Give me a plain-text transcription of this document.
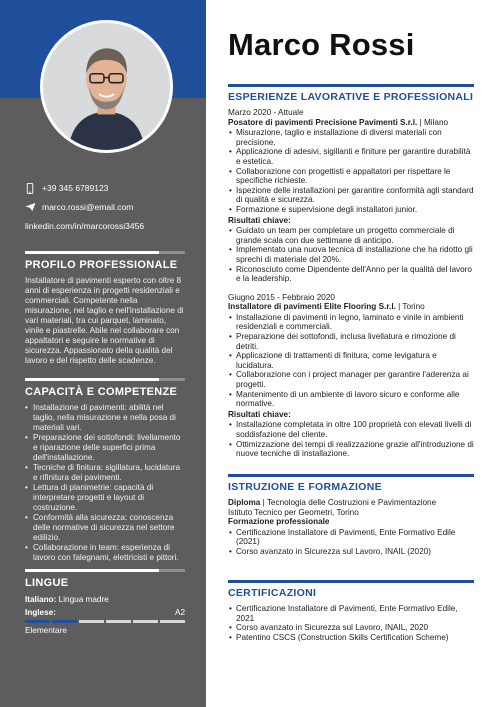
+39 345 6789123
marco.rossi@email.com
linkedin.com/in/marcorossi3456
PROFILO PROFESSIONALE
Installatore di pavimenti esperto con oltre 8 anni di esperienza in progetti residenziali e commerciali. Competente nella misurazione, nel taglio e nell'installazione di vari materiali, tra cui parquet, laminato, vinile e piastrelle. Abile nel collaborare con appaltatori e seguire le normative di sicurezza. Appassionato della qualità del lavoro e del rispetto delle scadenze.
CAPACITÀ E COMPETENZE
• Installazione di pavimenti: abilità nel taglio, nella misurazione e nella posa di materiali vari.
• Preparazione dei sottofondi: livellamento e riparazione delle superfici prima dell'installazione.
• Tecniche di finitura: sigillatura, lucidatura e rifinitura dei pavimenti.
• Lettura di planimetrie: capacità di interpretare progetti e layout di costruzione.
• Conformità alla sicurezza: conoscenza delle normative di sicurezza nel settore edilizio.
• Collaborazione in team: esperienza di lavoro con falegnami, elettricisti e pittori.
LINGUE
Italiano: Lingua madre
Inglese:	A2
Elementare
Marco Rossi
ESPERIENZE LAVORATIVE E PROFESSIONALI
Marzo 2020 - Attuale
Posatore di pavimenti Precisione Pavimenti S.r.l. | Milano
• Misurazione, taglio e installazione di diversi materiali con precisione.
• Applicazione di adesivi, sigillanti e finiture per garantire durabilità e estetica.
• Collaborazione con progettisti e appaltatori per rispettare le specifiche richieste.
• Ispezione delle installazioni per garantire conformità agli standard di qualità e sicurezza.
• Formazione e supervisione degli installatori junior.
Risultati chiave:
• Guidato un team per completare un progetto commerciale di grande scala con due settimane di anticipo.
• Implementato una nuova tecnica di installazione che ha ridotto gli sprechi di materiale del 20%.
• Riconosciuto come Dipendente dell'Anno per la qualità del lavoro e la leadership.
Giugno 2015 - Febbraio 2020
Installatore di pavimenti Elite Flooring S.r.l. | Torino
• Installazione di pavimenti in legno, laminato e vinile in ambienti residenziali e commerciali.
• Preparazione dei sottofondi, inclusa livellatura e rimozione di detriti.
• Applicazione di trattamenti di finitura, come levigatura e lucidatura.
• Collaborazione con i project manager per garantire l'aderenza ai progetti.
• Mantenimento di un ambiente di lavoro sicuro e conforme alle normative.
Risultati chiave:
• Installazione completata in oltre 100 proprietà con elevati livelli di soddisfazione del cliente.
• Ottimizzazione dei tempi di realizzazione grazie all'introduzione di nuove tecniche di installazione.
ISTRUZIONE E FORMAZIONE
Diploma | Tecnologia delle Costruzioni e Pavimentazione
Istituto Tecnico per Geometri, Torino
Formazione professionale
• Certificazione Installatore di Pavimenti, Ente Formativo Edile (2021)
• Corso avanzato in Sicurezza sul Lavoro, INAIL (2020)
CERTIFICAZIONI
• Certificazione Installatore di Pavimenti, Ente Formativo Edile, 2021
• Corso avanzato in Sicurezza sul Lavoro, INAIL, 2020
• Patentino CSCS (Construction Skills Certification Scheme)
